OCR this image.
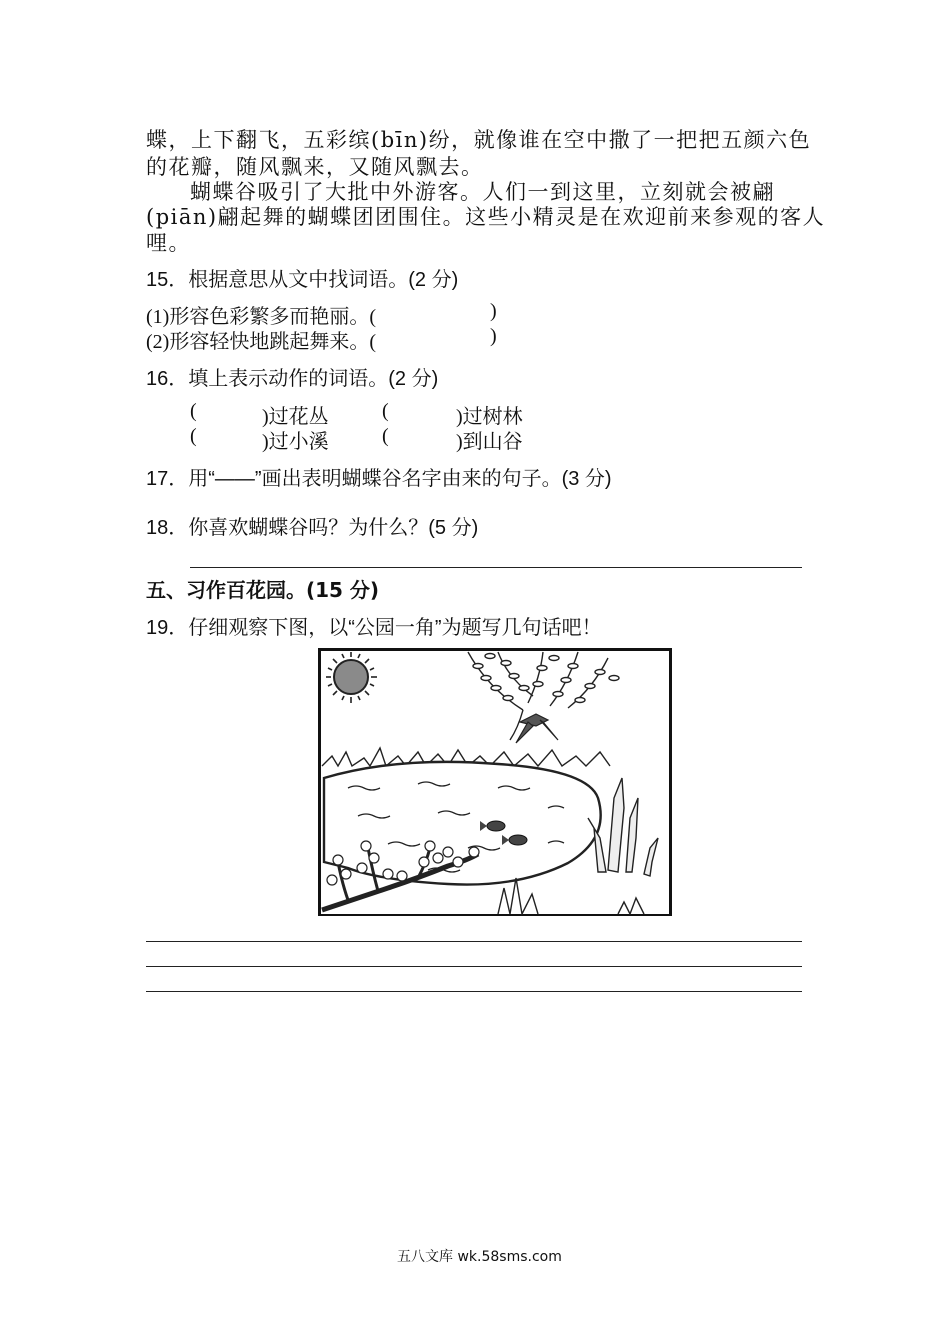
蝶，上下翻飞，五彩缤(bīn)纷，就像谁在空中撒了一把把五颜六色
的花瓣，随风飘来，又随风飘去。
蝴蝶谷吸引了大批中外游客。人们一到这里，立刻就会被翩
(piān)翩起舞的蝴蝶团团围住。这些小精灵是在欢迎前来参观的客人
哩。
15．根据意思从文中找词语。(2 分)
(1)形容色彩繁多而艳丽。(	)
(2)形容轻快地跳起舞来。(	)
16．填上表示动作的词语。(2 分)
(	)过花丛	(	)过树林
(	)过小溪	(	)到山谷
17．用“——”画出表明蝴蝶谷名字由来的句子。(3 分)
18．你喜欢蝴蝶谷吗？为什么？(5 分)
五、习作百花园。(15 分)
19．仔细观察下图，以“公园一角”为题写几句话吧！
五八文库 wk.58sms.com
